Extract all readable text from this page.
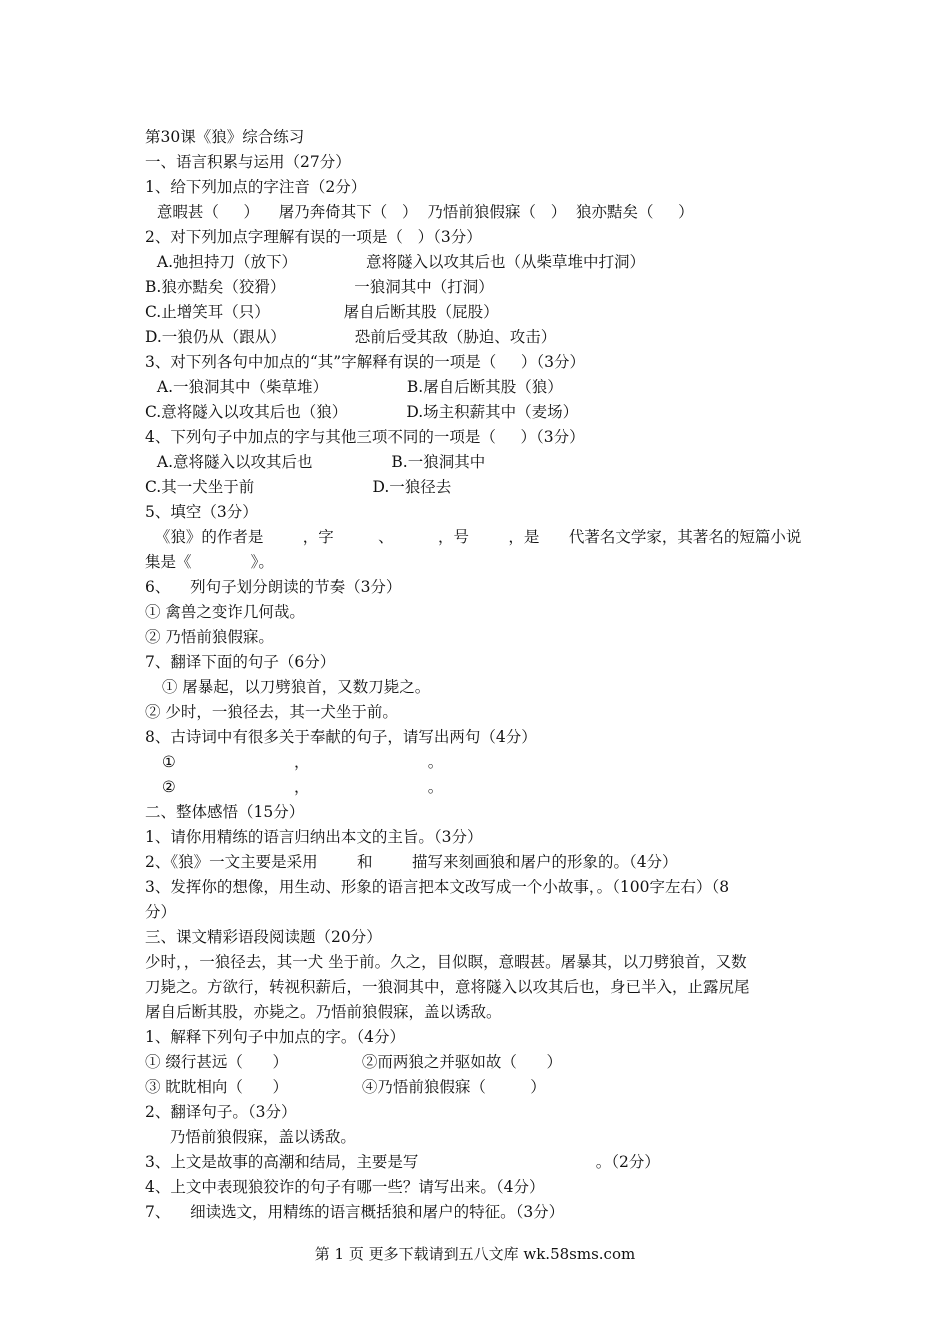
第30课《狼》综合练习
一、语言积累与运用（27分）
1、给下列加点的字注音（2分）
意暇甚（     ）    屠乃奔倚其下（   ）  乃悟前狼假寐（   ）  狼亦黠矣（     ）
2、对下列加点字理解有误的一项是（   ）（3分）
A.弛担持刀（放下）              意将隧入以攻其后也（从柴草堆中打洞）
B.狼亦黠矣（狡猾）              一狼洞其中（打洞）
C.止增笑耳（只）               屠自后断其股（屁股）
D.一狼仍从（跟从）              恐前后受其敌（胁迫、攻击）
3、对下列各句中加点的“其”字解释有误的一项是（     ）（3分）
A.一狼洞其中（柴草堆）                B.屠自后断其股（狼）
C.意将隧入以攻其后也（狼）            D.场主积薪其中（麦场）
4、下列句子中加点的字与其他三项不同的一项是（     ）（3分）
A.意将隧入以攻其后也                B.一狼洞其中
C.其一犬坐于前                        D.一狼径去
5、填空（3分）
《狼》的作者是        ，字         、         ，号        ，是      代著名文学家，其著名的短篇小说
集是《            》。
6、    列句子划分朗读的节奏（3分）
① 禽兽之变诈几何哉。
② 乃悟前狼假寐。
7、翻译下面的句子（6分）
① 屠暴起，以刀劈狼首，又数刀毙之。
② 少时，一狼径去，其一犬坐于前。
8、古诗词中有很多关于奉献的句子，请写出两句（4分）
①                        ，                        。
②                        ，                        。
二、整体感悟（15分）
1、请你用精练的语言归纳出本文的主旨。（3分）
2、《狼》一文主要是采用        和        描写来刻画狼和屠户的形象的。（4分）
3、发挥你的想像，用生动、形象的语言把本文改写成一个小故事，。（100字左右）（8
分）
三、课文精彩语段阅读题（20分）
少时，，一狼径去，其一犬 坐于前。久之，目似瞑，意暇甚。屠暴其，以刀劈狼首，又数
刀毙之。方欲行，转视积薪后，一狼洞其中，意将隧入以攻其后也，身已半入，止露尻尾
屠自后断其股，亦毙之。乃悟前狼假寐，盖以诱敌。
1、解释下列句子中加点的字。（4分）
① 缀行甚远（      ）               ②而两狼之并驱如故（      ）
③ 眈眈相向（      ）               ④乃悟前狼假寐（         ）
2、翻译句子。（3分）
乃悟前狼假寐，盖以诱敌。
3、上文是故事的高潮和结局，主要是写                                    。（2分）
4、上文中表现狼狡诈的句子有哪一些？请写出来。（4分）
7、    细读选文，用精练的语言概括狼和屠户的特征。（3分）
第 1 页 更多下载请到五八文库 wk.58sms.com
